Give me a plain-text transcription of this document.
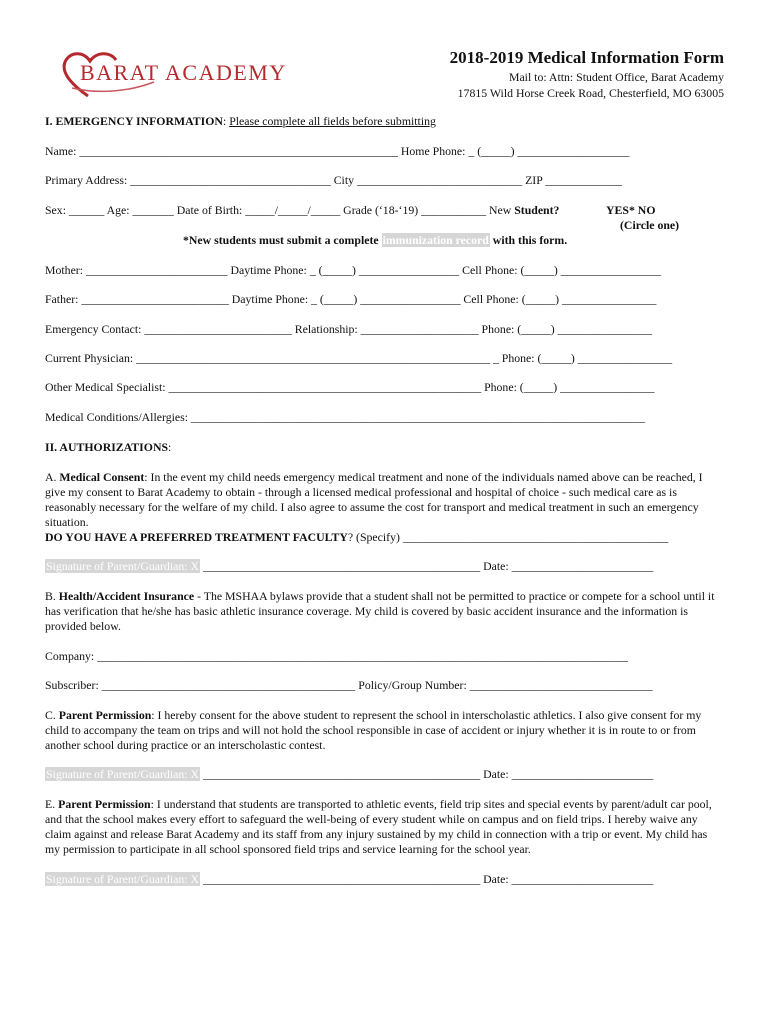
BARAT ACADEMY
2018-2019 Medical Information Form
Mail to: Attn: Student Office, Barat Academy
17815 Wild Horse Creek Road, Chesterfield, MO 63005
I. EMERGENCY INFORMATION: Please complete all fields before submitting
Name: ______________________________________________________ Home Phone: _ (_____) ___________________
Primary Address: __________________________________ City ____________________________ ZIP _____________
Sex: ______ Age: _______ Date of Birth: _____/_____/_____ Grade (‘18-‘19) ___________ New Student?	YES* NO
(Circle one)
*New students must submit a complete immunization record with this form.
Mother: ________________________ Daytime Phone: _ (_____) _________________ Cell Phone: (_____) _________________
Father: _________________________ Daytime Phone: _ (_____) _________________ Cell Phone: (_____) ________________
Emergency Contact: _________________________ Relationship: ____________________ Phone: (_____) ________________
Current Physician: ____________________________________________________________ _ Phone: (_____) ________________
Other Medical Specialist: _____________________________________________________ Phone: (_____) ________________
Medical Conditions/Allergies: _____________________________________________________________________________
II. AUTHORIZATIONS:
A. Medical Consent: In the event my child needs emergency medical treatment and none of the individuals named above can be reached, I give my consent to Barat Academy to obtain - through a licensed medical professional and hospital of choice - such medical care as is reasonably necessary for the welfare of my child. I also agree to assume the cost for transport and medical treatment in such an emergency situation.
DO YOU HAVE A PREFERRED TREATMENT FACULTY? (Specify) _____________________________________________
Signature of Parent/Guardian: X _______________________________________________ Date: ________________________
B. Health/Accident Insurance - The MSHAA bylaws provide that a student shall not be permitted to practice or compete for a school until it has verification that he/she has basic athletic insurance coverage. My child is covered by basic accident insurance and the information is provided below.
Company: __________________________________________________________________________________________
Subscriber: ___________________________________________ Policy/Group Number: _______________________________
C. Parent Permission: I hereby consent for the above student to represent the school in interscholastic athletics. I also give consent for my child to accompany the team on trips and will not hold the school responsible in case of accident or injury whether it is in route to or from another school during practice or an interscholastic contest.
Signature of Parent/Guardian: X _______________________________________________ Date: ________________________
E. Parent Permission: I understand that students are transported to athletic events, field trip sites and special events by parent/adult car pool, and that the school makes every effort to safeguard the well-being of every student while on campus and on field trips. I hereby waive any claim against and release Barat Academy and its staff from any injury sustained by my child in connection with a trip or event. My child has my permission to participate in all school sponsored field trips and service learning for the school year.
Signature of Parent/Guardian: X _______________________________________________ Date: ________________________
